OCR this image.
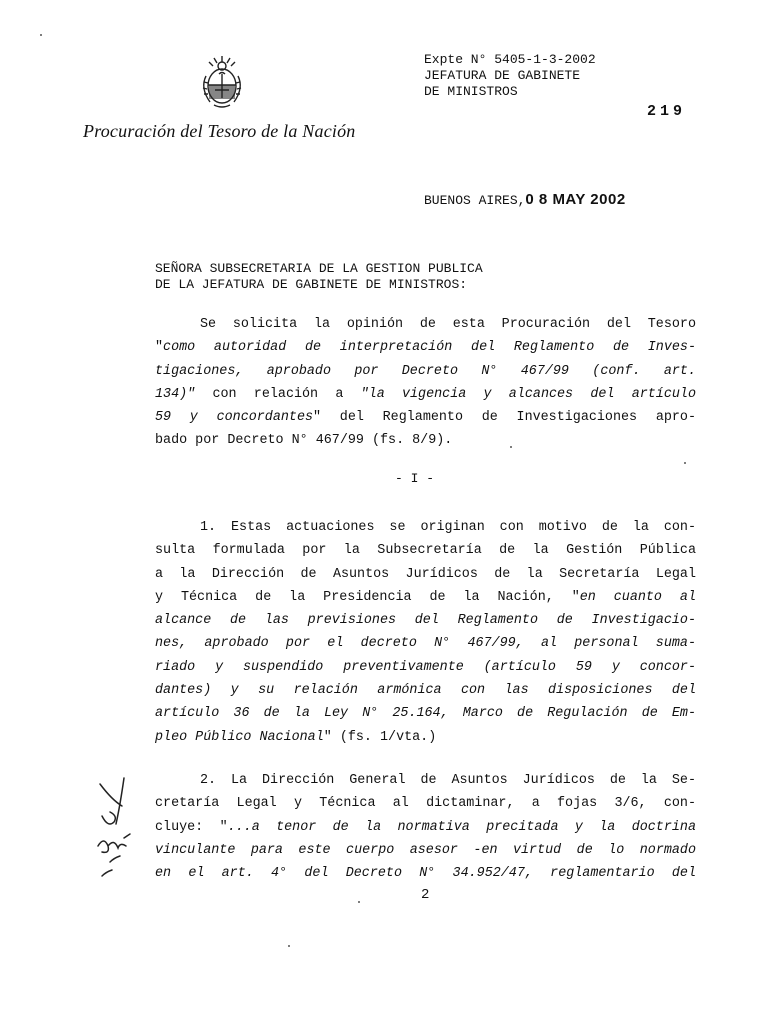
Procuración del Tesoro de la Nación
Expte N° 5405-1-3-2002
JEFATURA DE GABINETE
DE MINISTROS
219
BUENOS AIRES,0 8 MAY 2002
SEÑORA SUBSECRETARIA DE LA GESTION PUBLICA
DE LA JEFATURA DE GABINETE DE MINISTROS:
Se solicita la opinión de esta Procuración del Tesoro
"como autoridad de interpretación del Reglamento de Inves-
tigaciones, aprobado por Decreto N° 467/99 (conf. art.
134)" con relación a "la vigencia y alcances del artículo
59 y concordantes" del Reglamento de Investigaciones apro-
bado por Decreto N° 467/99 (fs. 8/9).
- I -
1. Estas actuaciones se originan con motivo de la con-
sulta formulada por la Subsecretaría de la Gestión Pública
a la Dirección de Asuntos Jurídicos de la Secretaría Legal
y Técnica de la Presidencia de la Nación, "en cuanto al
alcance de las previsiones del Reglamento de Investigacio-
nes, aprobado por el decreto N° 467/99, al personal suma-
riado y suspendido preventivamente (artículo 59 y concor-
dantes) y su relación armónica con las disposiciones del
artículo 36 de la Ley N° 25.164, Marco de Regulación de Em-
pleo Público Nacional" (fs. 1/vta.)
2. La Dirección General de Asuntos Jurídicos de la Se-
cretaría Legal y Técnica al dictaminar, a fojas 3/6, con-
cluye: "...a tenor de la normativa precitada y la doctrina
vinculante para este cuerpo asesor -en virtud de lo normado
en el art. 4° del Decreto N° 34.952/47, reglamentario del
2
